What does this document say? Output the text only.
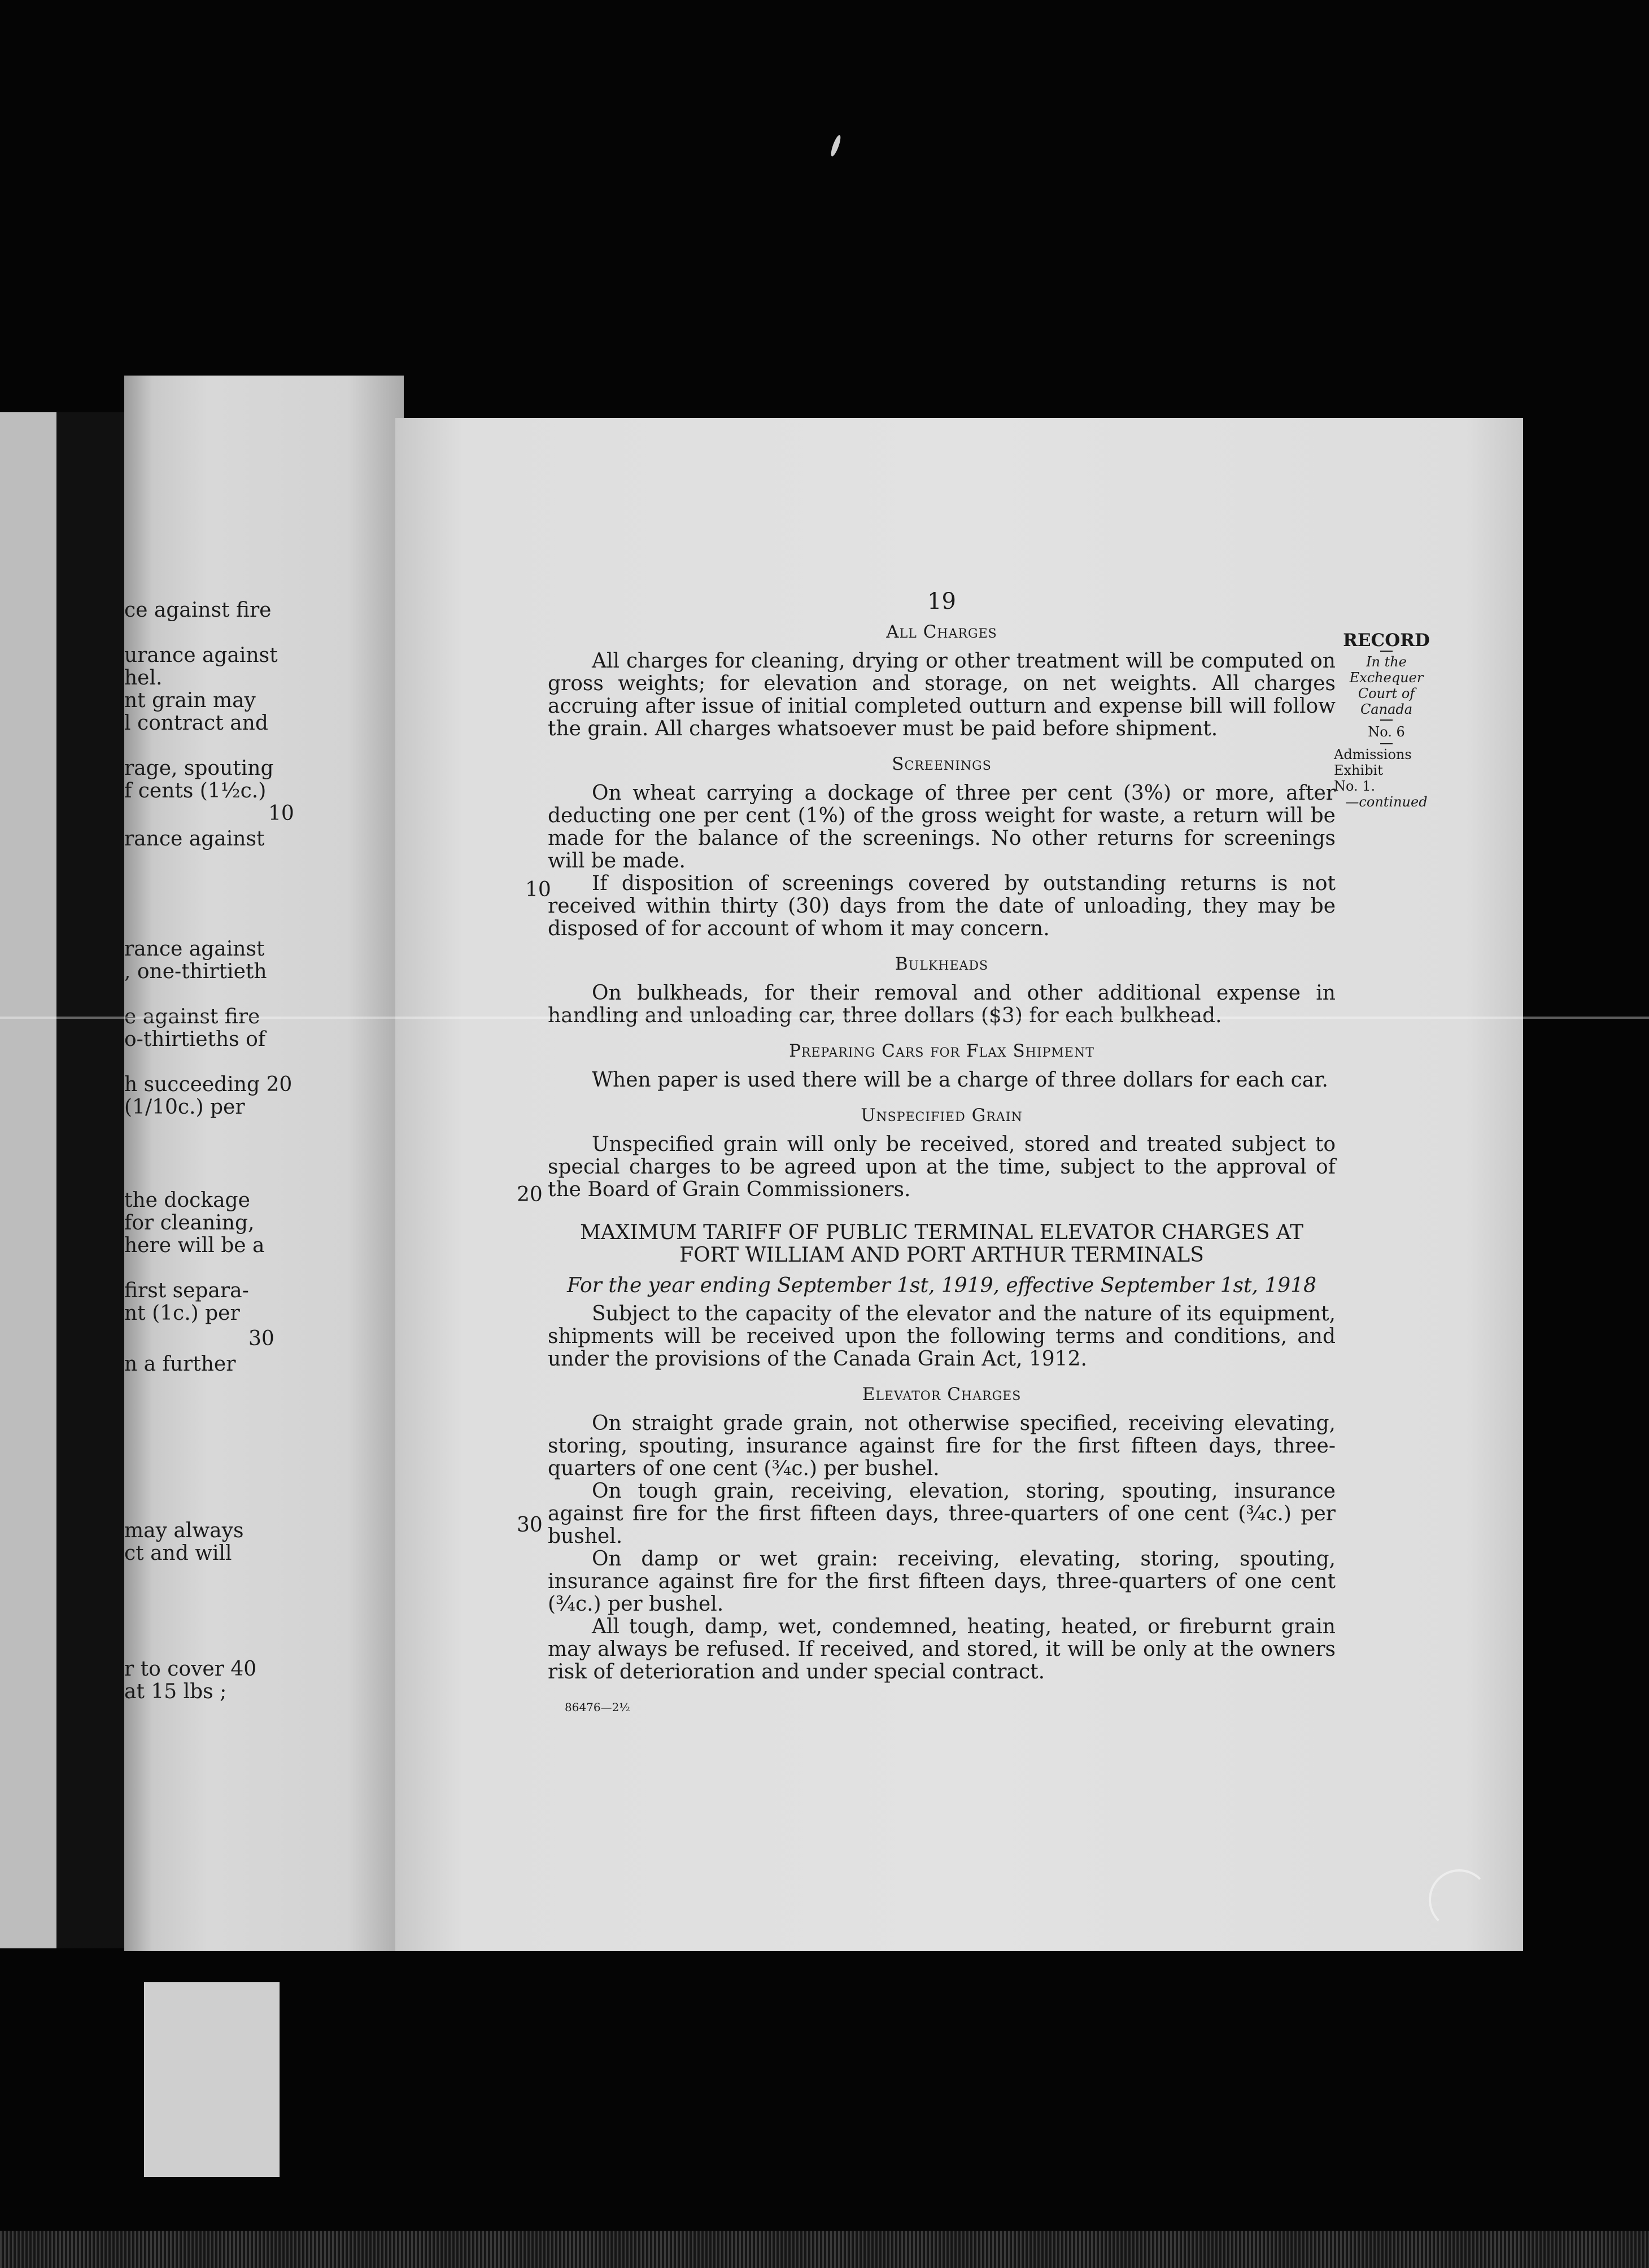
ce against fire
urance against
hel.
nt grain may
l contract and
rage, spouting
f cents (1½c.)
10
rance against
rance against
, one-thirtieth
e against fire
o-thirtieths of
h succeeding 20
(1/10c.) per
the dockage
for cleaning,
here will be a
first separa-
nt (1c.) per
30
n a further
may always
ct and will
r to cover 40
at 15 lbs ;
19
All Charges

All charges for cleaning, drying or other treatment will be computed on gross weights; for elevation and storage, on net weights. All charges accruing after issue of initial completed outturn and expense bill will follow the grain. All charges whatsoever must be paid before shipment.

Screenings

On wheat carrying a dockage of three per cent (3%) or more, after deducting one per cent (1%) of the gross weight for waste, a return will be made for the balance of the screenings. No other returns for screenings will be made.

If disposition of screenings covered by outstanding returns is not received within thirty (30) days from the date of unloading, they may be disposed of for account of whom it may concern.

Bulkheads

On bulkheads, for their removal and other additional expense in handling and unloading car, three dollars ($3) for each bulkhead.

Preparing Cars for Flax Shipment

When paper is used there will be a charge of three dollars for each car.

Unspecified Grain

Unspecified grain will only be received, stored and treated subject to special charges to be agreed upon at the time, subject to the approval of the Board of Grain Commissioners.

MAXIMUM TARIFF OF PUBLIC TERMINAL ELEVATOR CHARGES AT
FORT WILLIAM AND PORT ARTHUR TERMINALS
For the year ending September 1st, 1919, effective September 1st, 1918

Subject to the capacity of the elevator and the nature of its equipment, shipments will be received upon the following terms and conditions, and under the provisions of the Canada Grain Act, 1912.

Elevator Charges

On straight grade grain, not otherwise specified, receiving elevating, storing, spouting, insurance against fire for the first fifteen days, three-quarters of one cent (¾c.) per bushel.

On tough grain, receiving, elevation, storing, spouting, insurance against fire for the first fifteen days, three-quarters of one cent (¾c.) per bushel.

On damp or wet grain: receiving, elevating, storing, spouting, insurance against fire for the first fifteen days, three-quarters of one cent (¾c.) per bushel.

All tough, damp, wet, condemned, heating, heated, or fireburnt grain may always be refused. If received, and stored, it will be only at the owners risk of deterioration and under special contract.

86476—2½
10
20
30
RECORD
In the
Exchequer
Court of
Canada
No. 6
Admissions
Exhibit
No. 1.
—continued
